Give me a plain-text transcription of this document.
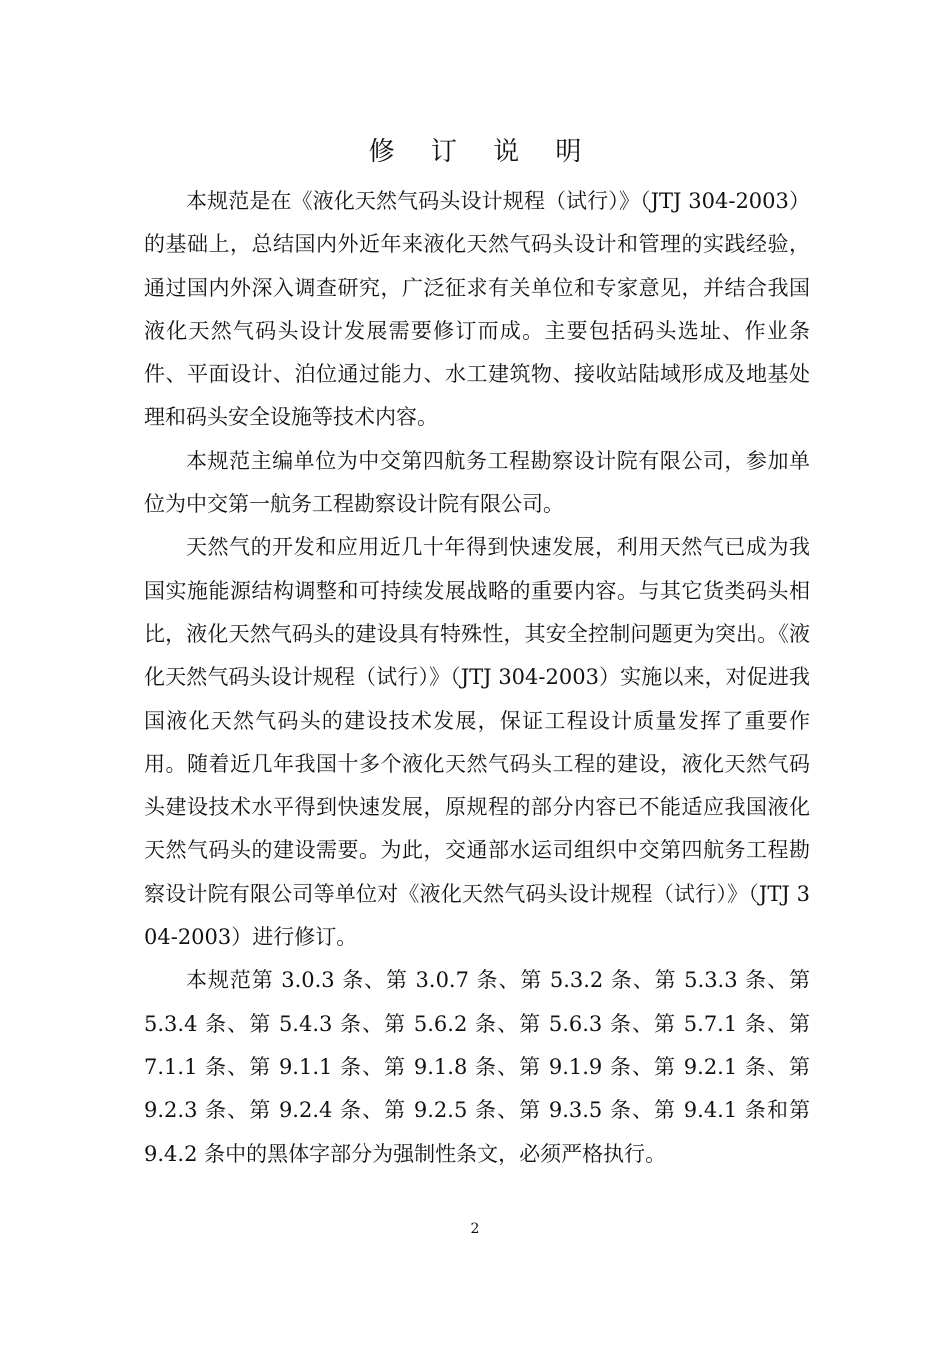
修 订 说 明

本规范是在《液化天然气码头设计规程（试行）》（JTJ 304-2003）的基础上，总结国内外近年来液化天然气码头设计和管理的实践经验，通过国内外深入调查研究，广泛征求有关单位和专家意见，并结合我国液化天然气码头设计发展需要修订而成。主要包括码头选址、作业条件、平面设计、泊位通过能力、水工建筑物、接收站陆域形成及地基处理和码头安全设施等技术内容。

本规范主编单位为中交第四航务工程勘察设计院有限公司，参加单位为中交第一航务工程勘察设计院有限公司。

天然气的开发和应用近几十年得到快速发展，利用天然气已成为我国实施能源结构调整和可持续发展战略的重要内容。与其它货类码头相比，液化天然气码头的建设具有特殊性，其安全控制问题更为突出。《液化天然气码头设计规程（试行）》（JTJ 304-2003）实施以来，对促进我国液化天然气码头的建设技术发展，保证工程设计质量发挥了重要作用。随着近几年我国十多个液化天然气码头工程的建设，液化天然气码头建设技术水平得到快速发展，原规程的部分内容已不能适应我国液化天然气码头的建设需要。为此，交通部水运司组织中交第四航务工程勘察设计院有限公司等单位对《液化天然气码头设计规程（试行）》（JTJ 304-2003）进行修订。

本规范第 3.0.3 条、第 3.0.7 条、第 5.3.2 条、第 5.3.3 条、第 5.3.4 条、第 5.4.3 条、第 5.6.2 条、第 5.6.3 条、第 5.7.1 条、第 7.1.1 条、第 9.1.1 条、第 9.1.8 条、第 9.1.9 条、第 9.2.1 条、第 9.2.3 条、第 9.2.4 条、第 9.2.5 条、第 9.3.5 条、第 9.4.1 条和第 9.4.2 条中的黑体字部分为强制性条文，必须严格执行。

2
